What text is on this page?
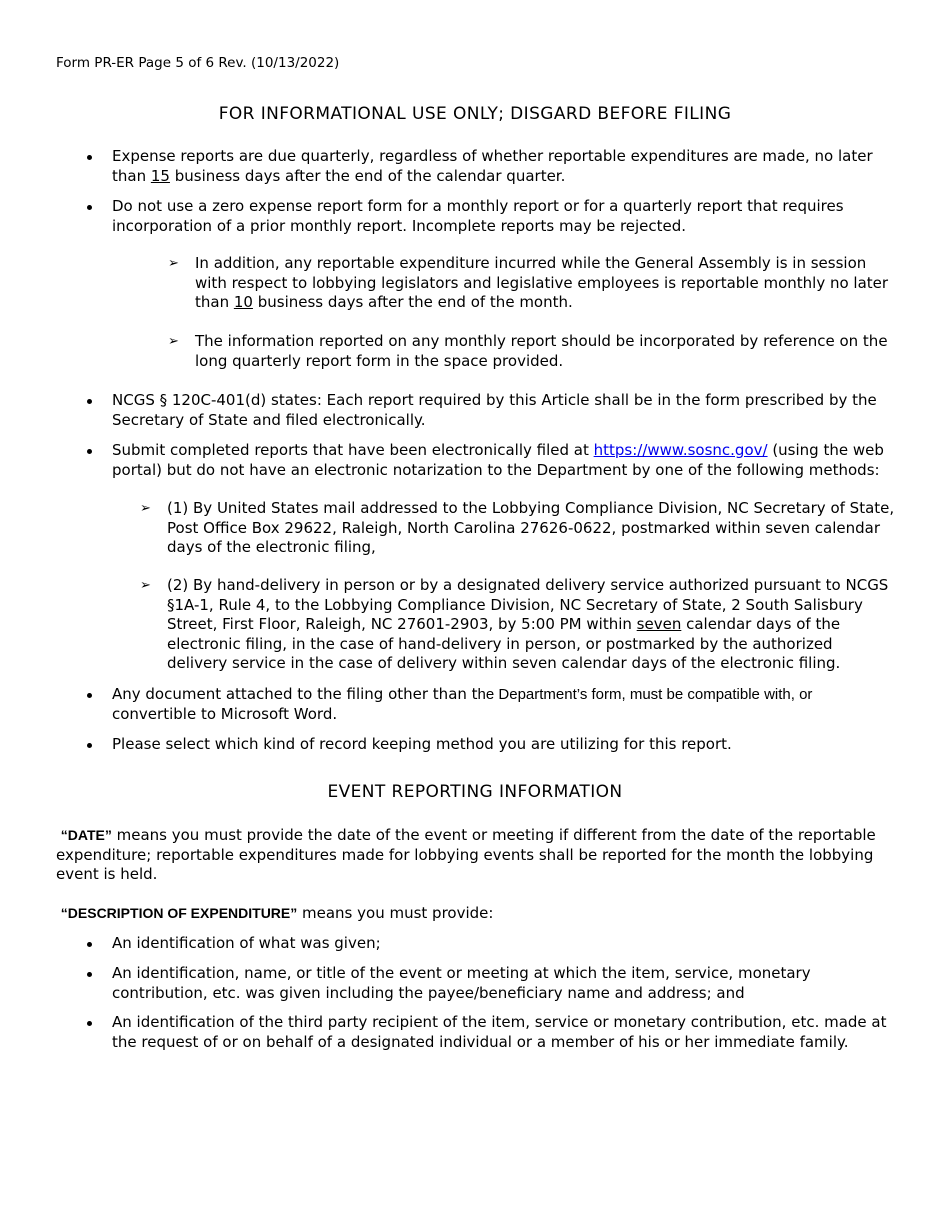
Form PR-ER Page 5 of 6 Rev. (10/13/2022)
FOR INFORMATIONAL USE ONLY; DISGARD BEFORE FILING
Expense reports are due quarterly, regardless of whether reportable expenditures are made, no later than 15 business days after the end of the calendar quarter.
Do not use a zero expense report form for a monthly report or for a quarterly report that requires incorporation of a prior monthly report. Incomplete reports may be rejected.
➢ In addition, any reportable expenditure incurred while the General Assembly is in session with respect to lobbying legislators and legislative employees is reportable monthly no later than 10 business days after the end of the month.
➢ The information reported on any monthly report should be incorporated by reference on the long quarterly report form in the space provided.
NCGS § 120C-401(d) states: Each report required by this Article shall be in the form prescribed by the Secretary of State and filed electronically.
Submit completed reports that have been electronically filed at https://www.sosnc.gov/ (using the web portal) but do not have an electronic notarization to the Department by one of the following methods:
➢ (1) By United States mail addressed to the Lobbying Compliance Division, NC Secretary of State, Post Office Box 29622, Raleigh, North Carolina 27626-0622, postmarked within seven calendar days of the electronic filing,
➢ (2) By hand-delivery in person or by a designated delivery service authorized pursuant to NCGS §1A-1, Rule 4, to the Lobbying Compliance Division, NC Secretary of State, 2 South Salisbury Street, First Floor, Raleigh, NC 27601-2903, by 5:00 PM within seven calendar days of the electronic filing, in the case of hand-delivery in person, or postmarked by the authorized delivery service in the case of delivery within seven calendar days of the electronic filing.
Any document attached to the filing other than the Department’s form, must be compatible with, or convertible to Microsoft Word.
Please select which kind of record keeping method you are utilizing for this report.
EVENT REPORTING INFORMATION
“DATE” means you must provide the date of the event or meeting if different from the date of the reportable expenditure; reportable expenditures made for lobbying events shall be reported for the month the lobbying event is held.
“DESCRIPTION OF EXPENDITURE” means you must provide:
An identification of what was given;
An identification, name, or title of the event or meeting at which the item, service, monetary contribution, etc. was given including the payee/beneficiary name and address; and
An identification of the third party recipient of the item, service or monetary contribution, etc. made at the request of or on behalf of a designated individual or a member of his or her immediate family.
